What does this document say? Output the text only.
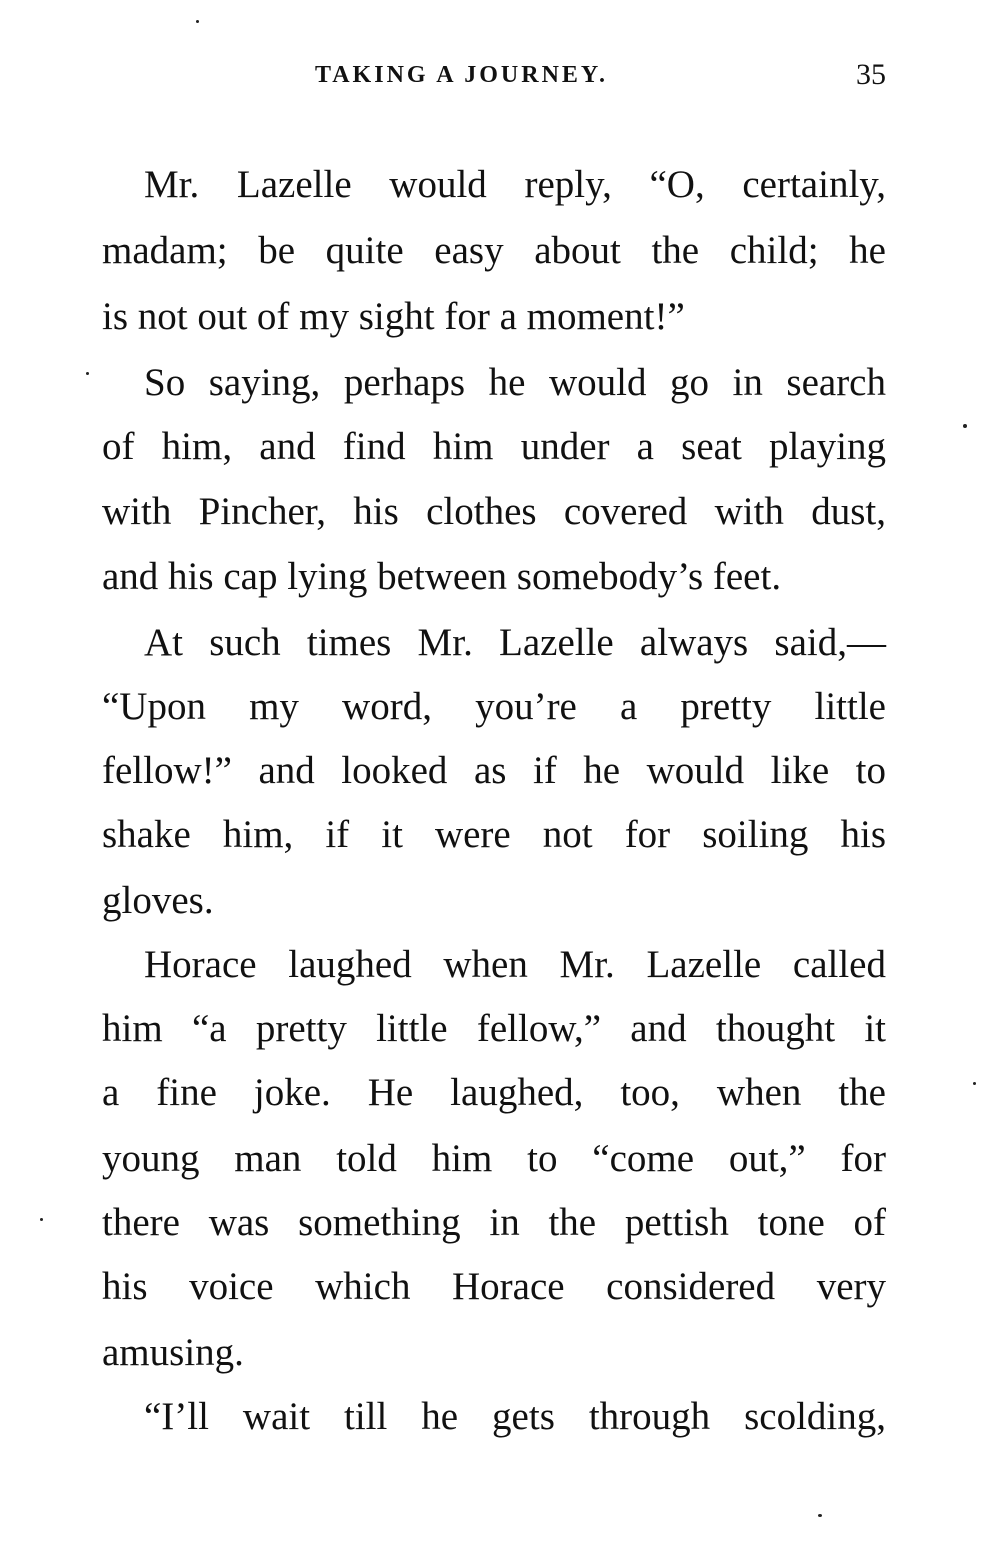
TAKING A JOURNEY.	35
Mr. Lazelle would reply, “O, certainly,
madam; be quite easy about the child; he
is not out of my sight for a moment!”
So saying, perhaps he would go in search
of him, and find him under a seat playing
with Pincher, his clothes covered with dust,
and his cap lying between somebody’s feet.
At such times Mr. Lazelle always said,—
“Upon my word, you’re a pretty little
fellow!” and looked as if he would like to
shake him, if it were not for soiling his
gloves.
Horace laughed when Mr. Lazelle called
him “a pretty little fellow,” and thought it
a fine joke. He laughed, too, when the
young man told him to “come out,” for
there was something in the pettish tone of
his voice which Horace considered very
amusing.
“I’ll wait till he gets through scolding,
